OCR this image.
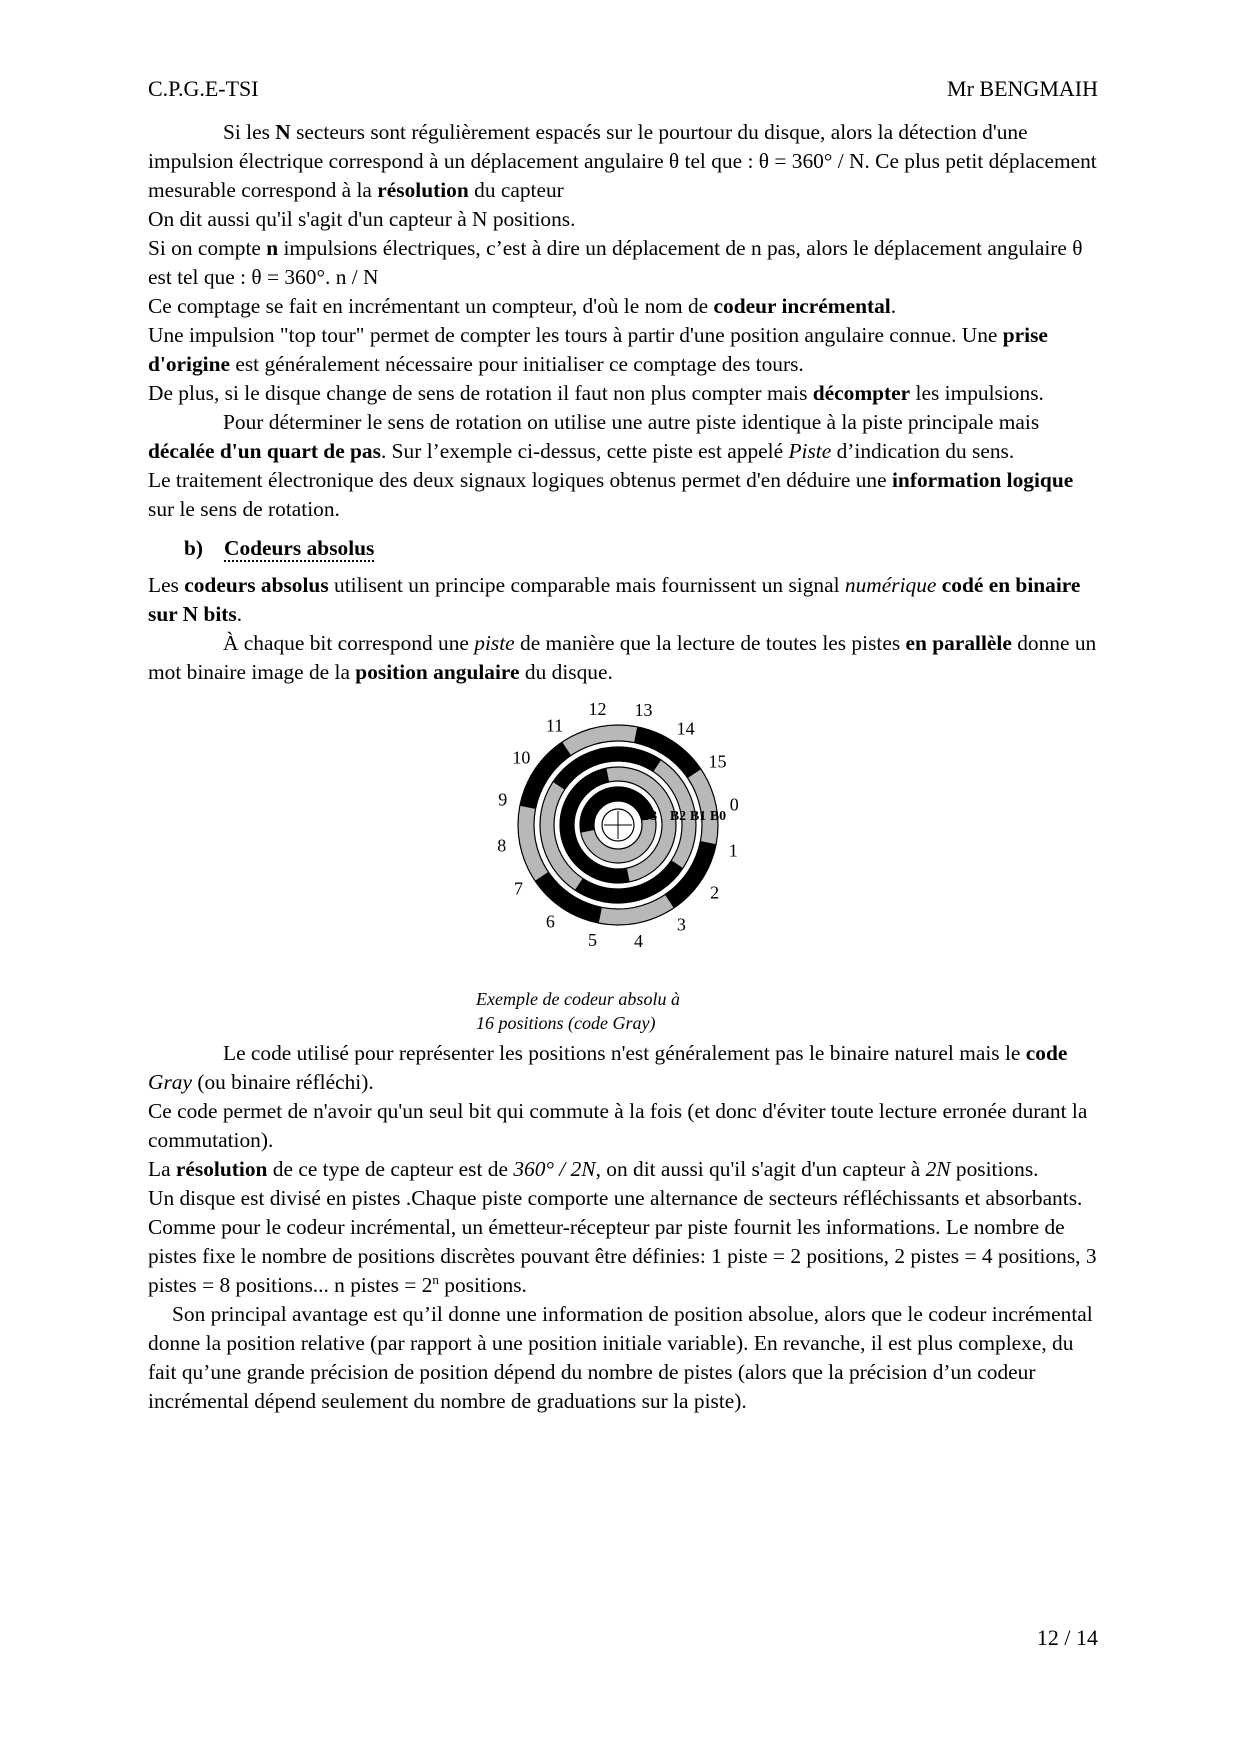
C.P.G.E-TSI	Mr BENGMAIH

Si les N secteurs sont régulièrement espacés sur le pourtour du disque, alors la détection d'une impulsion électrique correspond à un déplacement angulaire θ tel que : θ = 360° / N. Ce plus petit déplacement mesurable correspond à la résolution du capteur

On dit aussi qu'il s'agit d'un capteur à N positions.

Si on compte n impulsions électriques, c’est à dire un déplacement de n pas, alors le déplacement angulaire θ est tel que : θ = 360°. n / N

Ce comptage se fait en incrémentant un compteur, d'où le nom de codeur incrémental.

Une impulsion "top tour" permet de compter les tours à partir d'une position angulaire connue. Une prise d'origine est généralement nécessaire pour initialiser ce comptage des tours.

De plus, si le disque change de sens de rotation il faut non plus compter mais décompter les impulsions.

Pour déterminer le sens de rotation on utilise une autre piste identique à la piste principale mais décalée d'un quart de pas. Sur l’exemple ci-dessus, cette piste est appelé Piste d’indication du sens.

Le traitement électronique des deux signaux logiques obtenus permet d'en déduire une information logique sur le sens de rotation.

b) Codeurs absolus

Les codeurs absolus utilisent un principe comparable mais fournissent un signal numérique codé en binaire sur N bits.

À chaque bit correspond une piste de manière que la lecture de toutes les pistes en parallèle donne un mot binaire image de la position angulaire du disque.

0
1
2
3
4
5
6
7
8
9
10
11
12 13
14
15
B3 B2 B1 B0
Exemple de codeur absolu à
16 positions (code Gray)

Le code utilisé pour représenter les positions n'est généralement pas le binaire naturel mais le code Gray (ou binaire réfléchi).

Ce code permet de n'avoir qu'un seul bit qui commute à la fois (et donc d'éviter toute lecture erronée durant la commutation).

La résolution de ce type de capteur est de 360° / 2N, on dit aussi qu'il s'agit d'un capteur à 2N positions.

Un disque est divisé en pistes .Chaque piste comporte une alternance de secteurs réfléchissants et absorbants. Comme pour le codeur incrémental, un émetteur-récepteur par piste fournit les informations. Le nombre de pistes fixe le nombre de positions discrètes pouvant être définies: 1 piste = 2 positions, 2 pistes = 4 positions, 3 pistes = 8 positions... n pistes = $2^n$ positions.

Son principal avantage est qu’il donne une information de position absolue, alors que le codeur incrémental donne la position relative (par rapport à une position initiale variable). En revanche, il est plus complexe, du fait qu’une grande précision de position dépend du nombre de pistes (alors que la précision d’un codeur incrémental dépend seulement du nombre de graduations sur la piste).

12 / 14
